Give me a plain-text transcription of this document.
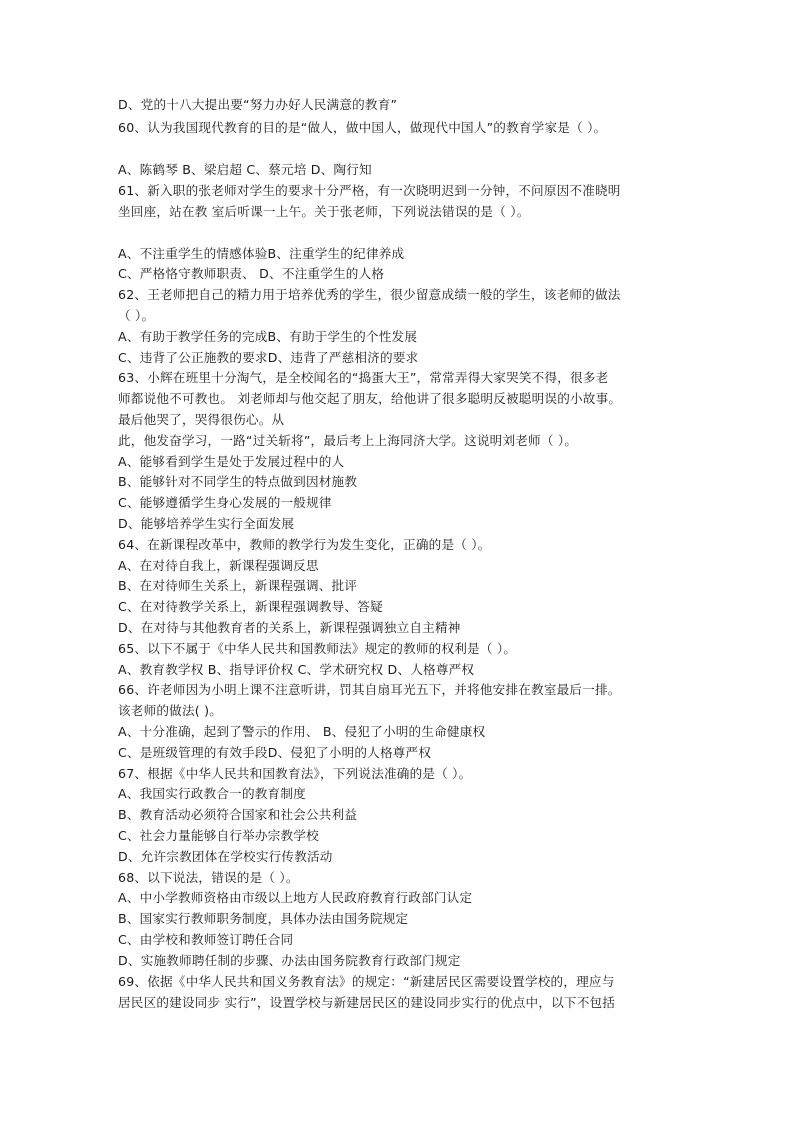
D、党的十八大提出要“努力办好人民满意的教育”
60、认为我国现代教育的目的是“做人，做中国人，做现代中国人”的教育学家是（ ）。
A、陈鹤琴 B、梁启超 C、蔡元培 D、陶行知
61、新入职的张老师对学生的要求十分严格，有一次晓明迟到一分钟，不问原因不准晓明
坐回座，站在教 室后听课一上午。关于张老师，下列说法错误的是（ ）。
A、不注重学生的情感体验B、注重学生的纪律养成
C、严格恪守教师职责、 D、不注重学生的人格
62、王老师把自己的精力用于培养优秀的学生，很少留意成绩一般的学生，该老师的做法
（ ）。
A、有助于教学任务的完成B、有助于学生的个性发展
C、违背了公正施教的要求D、违背了严慈相济的要求
63、小辉在班里十分淘气，是全校闻名的“捣蛋大王”，常常弄得大家哭笑不得，很多老
师都说他不可教也。 刘老师却与他交起了朋友，给他讲了很多聪明反被聪明误的小故事。
最后他哭了，哭得很伤心。从
此，他发奋学习，一路“过关斩将”，最后考上上海同济大学。这说明刘老师（ ）。
A、能够看到学生是处于发展过程中的人
B、能够针对不同学生的特点做到因材施教
C、能够遵循学生身心发展的一般规律
D、能够培养学生实行全面发展
64、在新课程改革中，教师的教学行为发生变化，正确的是（ ）。
A、在对待自我上，新课程强调反思
B、在对待师生关系上，新课程强调、批评
C、在对待教学关系上，新课程强调教导、答疑
D、在对待与其他教育者的关系上，新课程强调独立自主精神
65、以下不属于《中华人民共和国教师法》规定的教师的权利是（ ）。
A、教育教学权 B、指导评价权 C、学术研究权 D、人格尊严权
66、许老师因为小明上课不注意听讲，罚其自扇耳光五下，并将他安排在教室最后一排。
该老师的做法( )。
A、十分准确，起到了警示的作用、 B、侵犯了小明的生命健康权
C、是班级管理的有效手段D、侵犯了小明的人格尊严权
67、根据《中华人民共和国教育法》，下列说法准确的是（ ）。
A、我国实行政教合一的教育制度
B、教育活动必须符合国家和社会公共利益
C、社会力量能够自行举办宗教学校
D、允许宗教团体在学校实行传教活动
68、以下说法，错误的是（ ）。
A、中小学教师资格由市级以上地方人民政府教育行政部门认定
B、国家实行教师职务制度，具体办法由国务院规定
C、由学校和教师签订聘任合同
D、实施教师聘任制的步骤、办法由国务院教育行政部门规定
69、依据《中华人民共和国义务教育法》的规定：“新建居民区需要设置学校的，理应与
居民区的建设同步 实行”，设置学校与新建居民区的建设同步实行的优点中，以下不包括
